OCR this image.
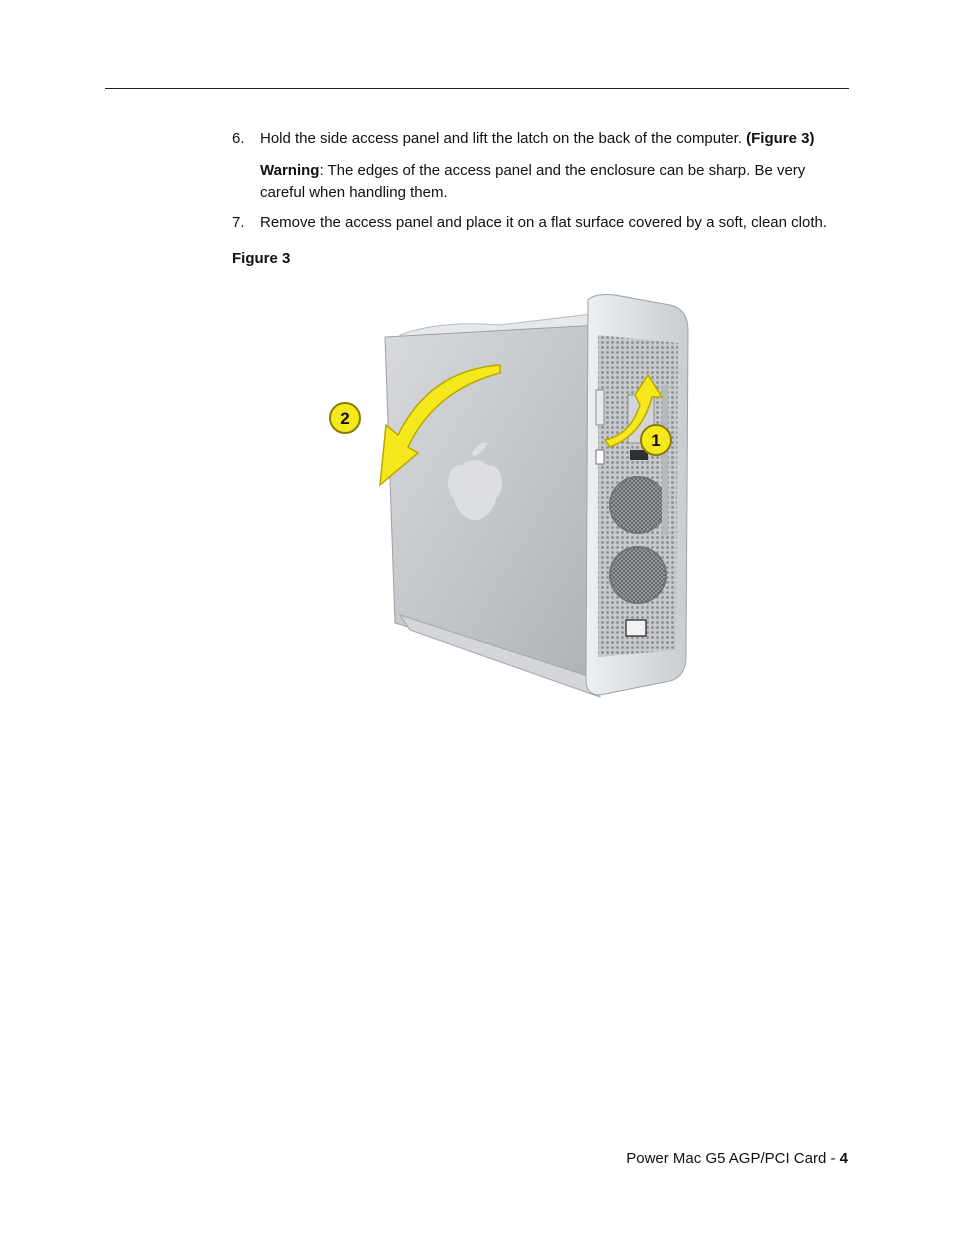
6. Hold the side access panel and lift the latch on the back of the computer. (Figure 3)
Warning: The edges of the access panel and the enclosure can be sharp. Be very careful when handling them.
7. Remove the access panel and place it on a flat surface covered by a soft, clean cloth.
Figure 3
1
2
Power Mac G5 AGP/PCI Card - 4
